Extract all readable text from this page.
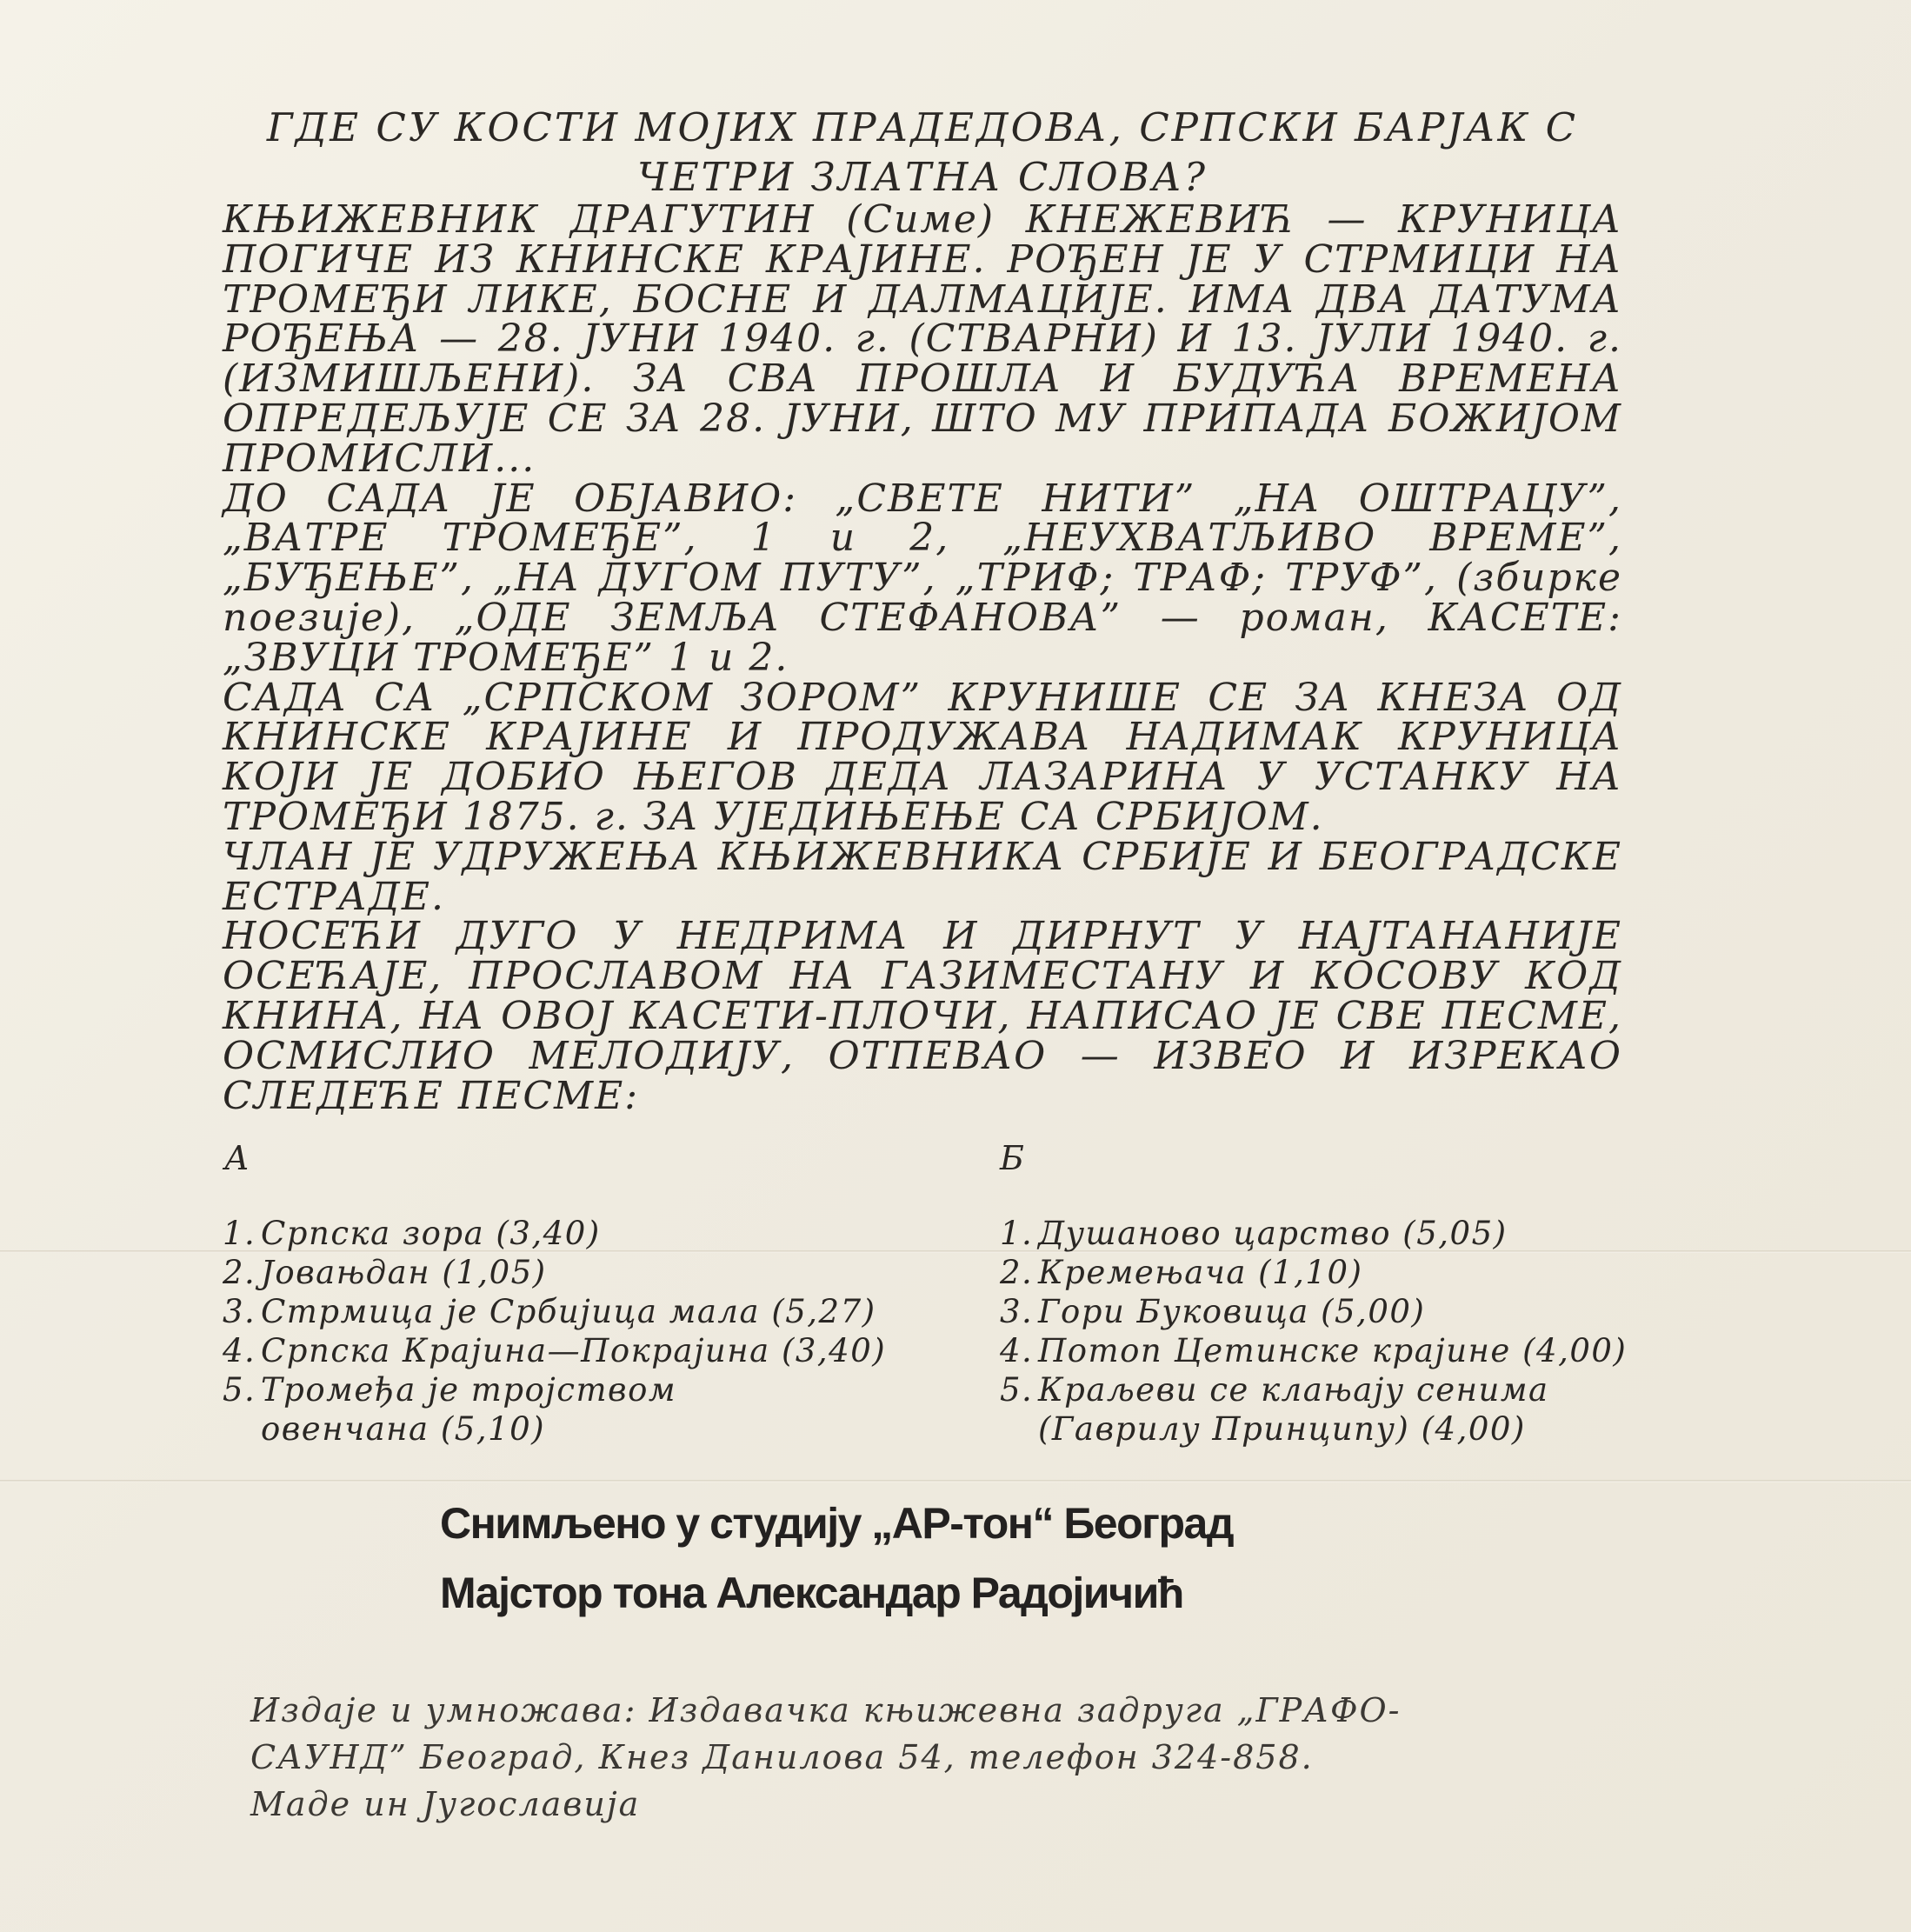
ГДЕ СУ КОСТИ МОЈИХ ПРАДЕДОВА, СРПСКИ БАРЈАК С
ЧЕТРИ ЗЛАТНА СЛОВА?

КЊИЖЕВНИК ДРАГУТИН (Симе) КНЕЖЕВИЋ — КРУНИЦА ПОГИЧЕ ИЗ КНИНСКЕ КРАЈИНЕ. РОЂЕН ЈЕ У СТРМИЦИ НА ТРОМЕЂИ ЛИКЕ, БОСНЕ И ДАЛМАЦИЈЕ. ИМА ДВА ДАТУМА РОЂЕЊА — 28. ЈУНИ 1940. г. (СТВАРНИ) И 13. ЈУЛИ 1940. г. (ИЗМИШЉЕНИ). ЗА СВА ПРОШЛА И БУДУЋА ВРЕМЕНА ОПРЕДЕЉУЈЕ СЕ ЗА 28. ЈУНИ, ШТО МУ ПРИПАДА БОЖИЈОМ ПРОМИСЛИ...

ДО САДА ЈЕ ОБЈАВИО: „СВЕТЕ НИТИ” „НА ОШТРАЦУ”, „ВАТРЕ ТРОМЕЂЕ”, 1 и 2, „НЕУХВАТЉИВО ВРЕМЕ”, „БУЂЕЊЕ”, „НА ДУГОМ ПУТУ”, „ТРИФ; ТРАФ; ТРУФ”, (збирке поезије), „ОДЕ ЗЕМЉА СТЕФАНОВА” — роман, КАСЕТЕ: „ЗВУЦИ ТРОМЕЂЕ” 1 и 2.

САДА СА „СРПСКОМ ЗОРОМ” КРУНИШЕ СЕ ЗА КНЕЗА ОД КНИНСКЕ КРАЈИНЕ И ПРОДУЖАВА НАДИМАК КРУНИЦА КОЈИ ЈЕ ДОБИО ЊЕГОВ ДЕДА ЛАЗАРИНА У УСТАНКУ НА ТРОМЕЂИ 1875. г. ЗА УЈЕДИЊЕЊЕ СА СРБИЈОМ.

ЧЛАН ЈЕ УДРУЖЕЊА КЊИЖЕВНИКА СРБИЈЕ И БЕОГРАДСКЕ ЕСТРАДЕ.

НОСЕЋИ ДУГО У НЕДРИМА И ДИРНУТ У НАЈТАНАНИЈЕ ОСЕЋАЈЕ, ПРОСЛАВОМ НА ГАЗИМЕСТАНУ И КОСОВУ КОД КНИНА, НА ОВОЈ КАСЕТИ-ПЛОЧИ, НАПИСАО ЈЕ СВЕ ПЕСМЕ, ОСМИСЛИО МЕЛОДИЈУ, ОТПЕВАО — ИЗВЕО И ИЗРЕКАО СЛЕДЕЋЕ ПЕСМЕ:

А	Б
1. Српска зора (3,40)
2. Јовањдан (1,05)
3. Стрмица је Србијица мала (5,27)
4. Српска Крајина—Покрајина (3,40)
5. Тромеђа је тројством
овенчана (5,10)
1. Душаново царство (5,05)
2. Кремењача (1,10)
3. Гори Буковица (5,00)
4. Потоп Цетинске крајине (4,00)
5. Краљеви се клањају сенима
(Гаврилу Принципу) (4,00)
Снимљено у студију „АР-тон“ Београд
Мајстор тона Александар Радојичић
Издаје и умножава: Издавачка књижевна задруга „ГРАФО-
САУНД” Београд, Кнез Данилова 54, телефон 324-858.
Маде ин Југославија
